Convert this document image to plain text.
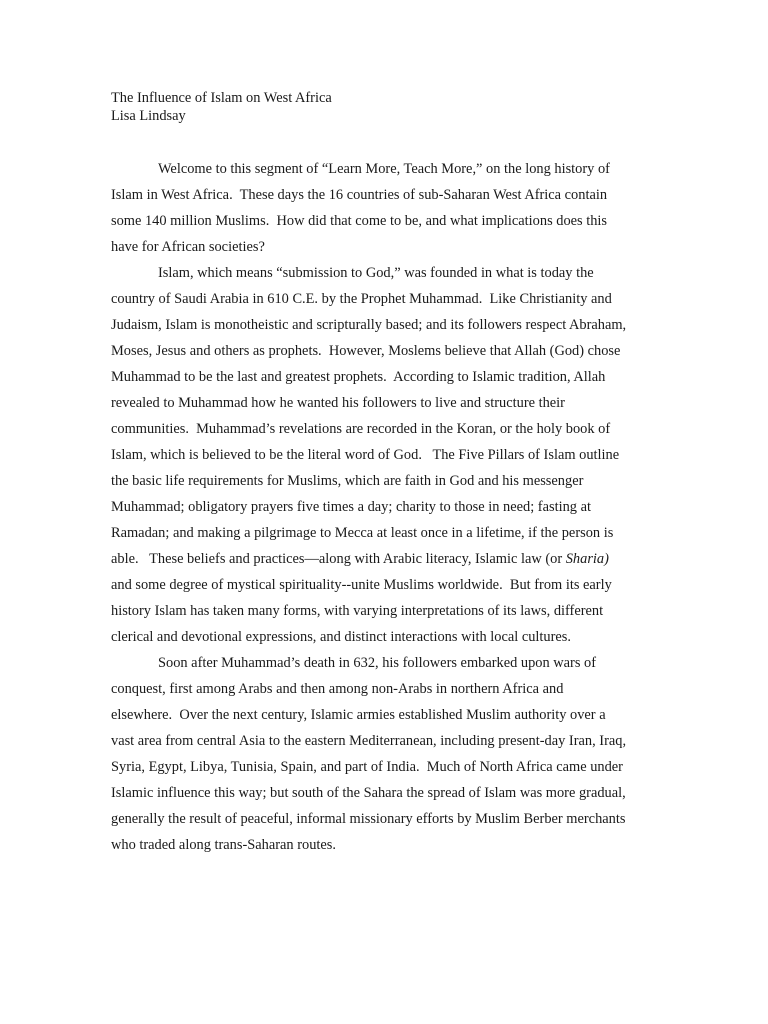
The Influence of Islam on West Africa
Lisa Lindsay
Welcome to this segment of “Learn More, Teach More,” on the long history of
Islam in West Africa.  These days the 16 countries of sub-Saharan West Africa contain
some 140 million Muslims.  How did that come to be, and what implications does this
have for African societies?
Islam, which means “submission to God,” was founded in what is today the
country of Saudi Arabia in 610 C.E. by the Prophet Muhammad.  Like Christianity and
Judaism, Islam is monotheistic and scripturally based; and its followers respect Abraham,
Moses, Jesus and others as prophets.  However, Moslems believe that Allah (God) chose
Muhammad to be the last and greatest prophets.  According to Islamic tradition, Allah
revealed to Muhammad how he wanted his followers to live and structure their
communities.  Muhammad’s revelations are recorded in the Koran, or the holy book of
Islam, which is believed to be the literal word of God.   The Five Pillars of Islam outline
the basic life requirements for Muslims, which are faith in God and his messenger
Muhammad; obligatory prayers five times a day; charity to those in need; fasting at
Ramadan; and making a pilgrimage to Mecca at least once in a lifetime, if the person is
able.   These beliefs and practices—along with Arabic literacy, Islamic law (or Sharia)
and some degree of mystical spirituality--unite Muslims worldwide.  But from its early
history Islam has taken many forms, with varying interpretations of its laws, different
clerical and devotional expressions, and distinct interactions with local cultures.
Soon after Muhammad’s death in 632, his followers embarked upon wars of
conquest, first among Arabs and then among non-Arabs in northern Africa and
elsewhere.  Over the next century, Islamic armies established Muslim authority over a
vast area from central Asia to the eastern Mediterranean, including present-day Iran, Iraq,
Syria, Egypt, Libya, Tunisia, Spain, and part of India.  Much of North Africa came under
Islamic influence this way; but south of the Sahara the spread of Islam was more gradual,
generally the result of peaceful, informal missionary efforts by Muslim Berber merchants
who traded along trans-Saharan routes.
